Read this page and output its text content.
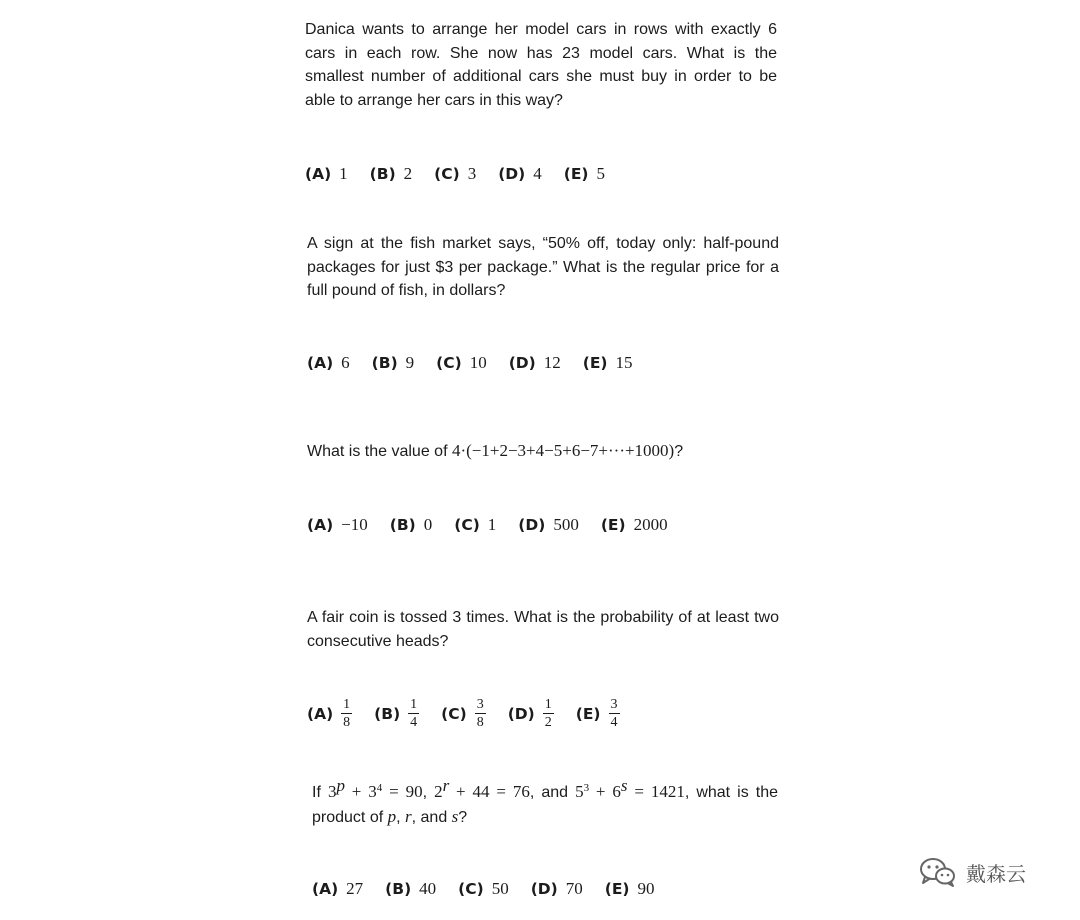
Danica wants to arrange her model cars in rows with exactly 6 cars in each row. She now has 23 model cars. What is the smallest number of additional cars she must buy in order to be able to arrange her cars in this way?

(A) 1 (B) 2 (C) 3 (D) 4 (E) 5

A sign at the fish market says, “50% off, today only: half-pound packages for just $3 per package.” What is the regular price for a full pound of fish, in dollars?

(A) 6 (B) 9 (C) 10 (D) 12 (E) 15

What is the value of 4·(−1+2−3+4−5+6−7+···+1000)?

(A) −10 (B) 0 (C) 1 (D) 500 (E) 2000

A fair coin is tossed 3 times. What is the probability of at least two consecutive heads?

$(A) \frac{1}{8} (B) \frac{1}{4} (C) \frac{3}{8} (D) \frac{1}{2} (E) \frac{3}{4}$

If $3^p + 3^4 = 90$, $2^r + 44 = 76$, and $5^3 + 6^s = 1421$, what is the product of p, r, and s?

(A) 27 (B) 40 (C) 50 (D) 70 (E) 90
戴森云
